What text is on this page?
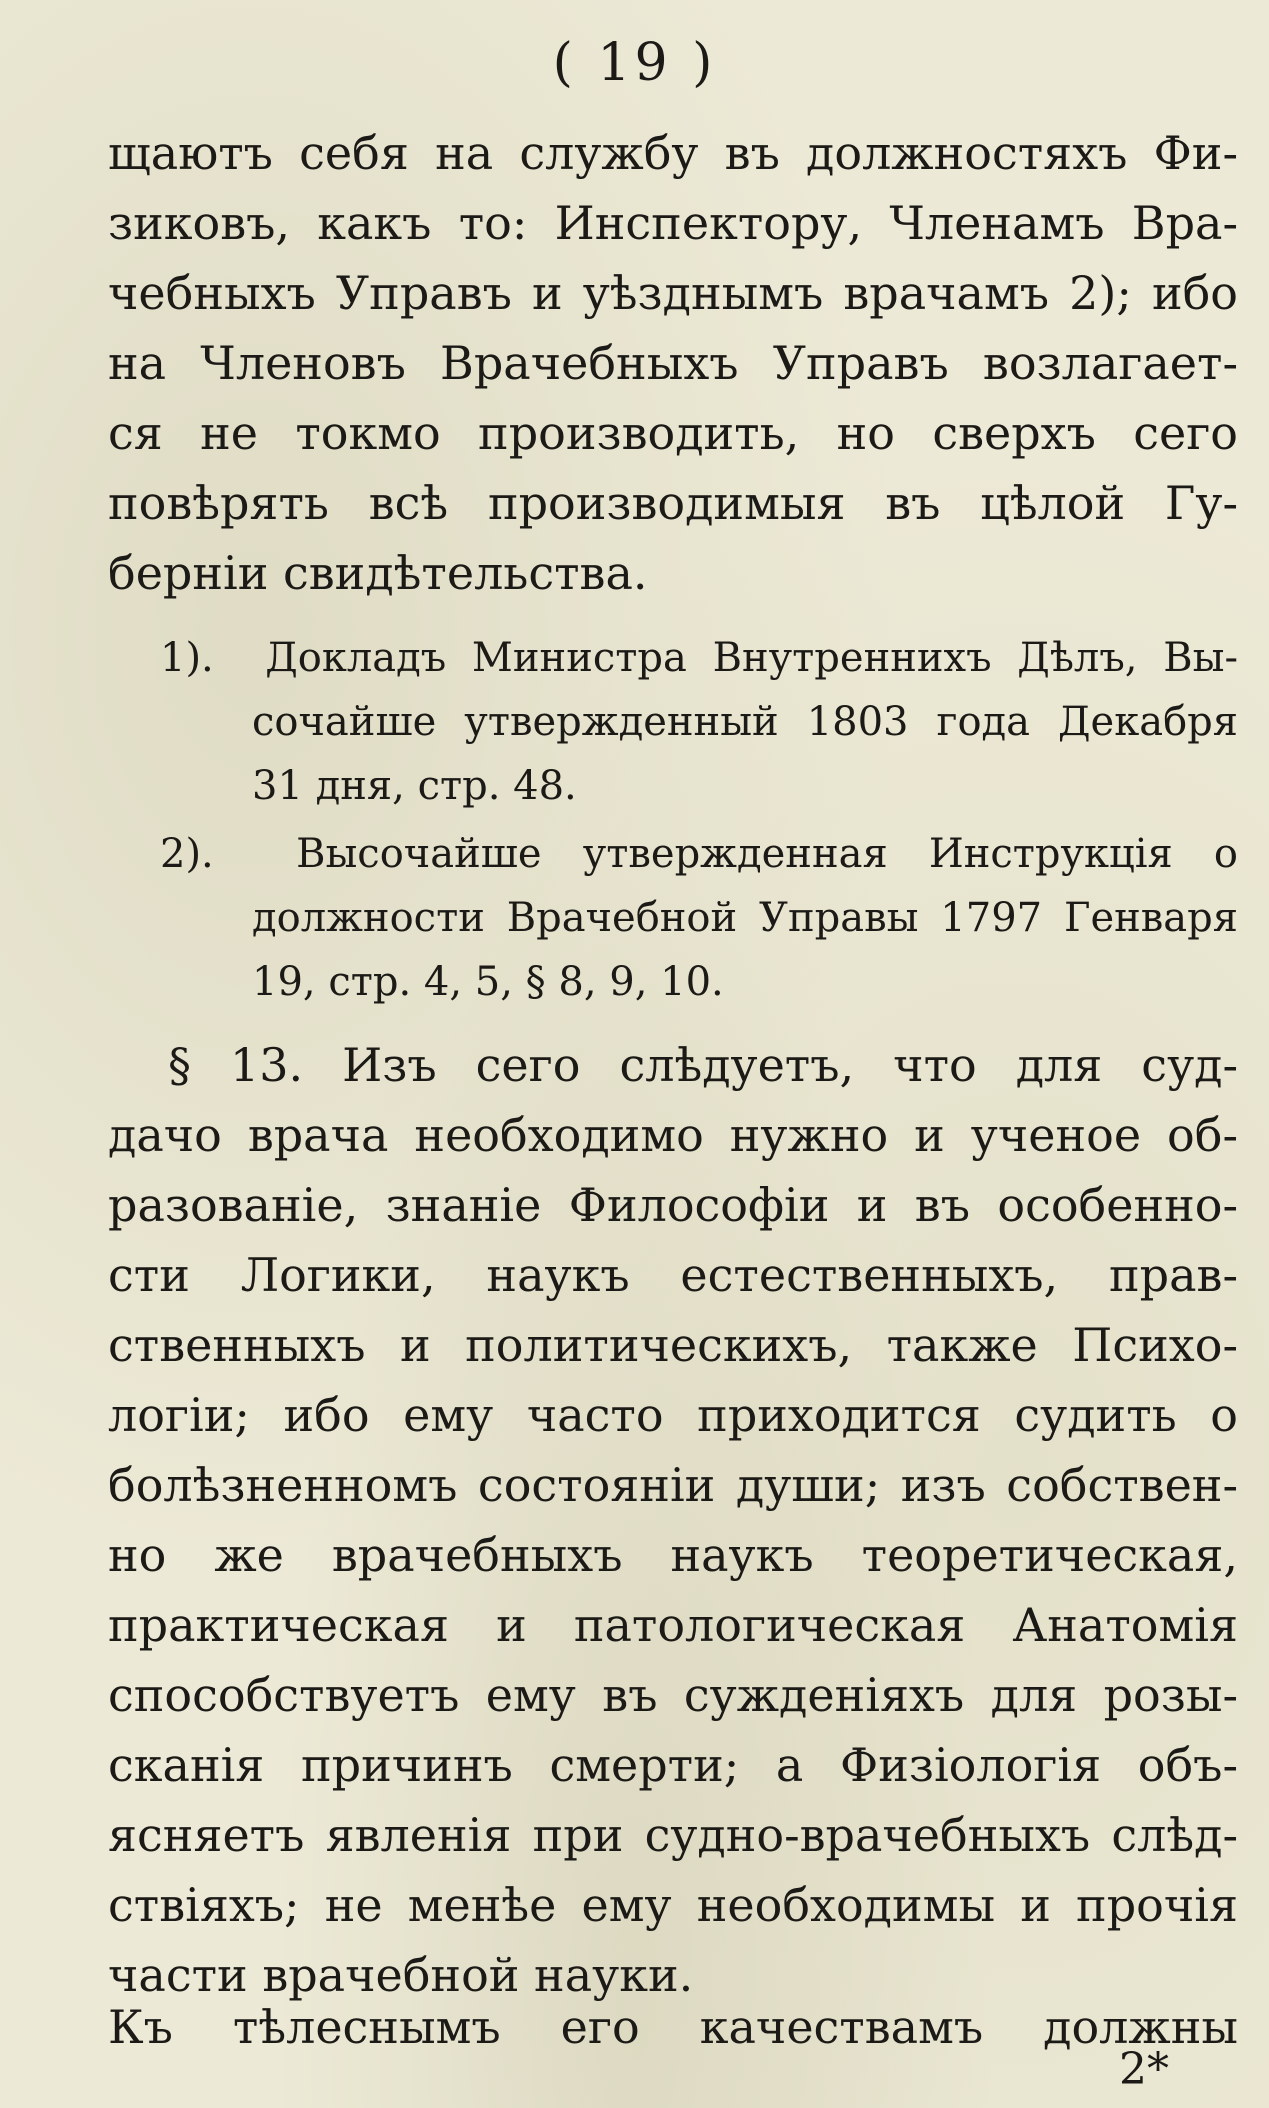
( 19 )
щаютъ себя на службу въ должностяхъ Фи-
зиковъ, какъ то: Инспектору, Членамъ Вра-
чебныхъ Управъ и уѣзднымъ врачамъ 2); ибо
на Членовъ Врачебныхъ Управъ возлагает-
ся не токмо производить, но сверхъ сего
повѣрять всѣ производимыя въ цѣлой Гу-
берніи свидѣтельства.
1). Докладъ Министра Внутреннихъ Дѣлъ, Вы-
сочайше утвержденный 1803 года Декабря
31 дня, стр. 48.
2). Высочайше утвержденная Инструкція о
должности Врачебной Управы 1797 Генваря
19, стр. 4, 5, § 8, 9, 10.
§ 13. Изъ сего слѣдуетъ, что для суд-
дачо врача необходимо нужно и ученое об-
разованіе, знаніе Философіи и въ особенно-
сти Логики, наукъ естественныхъ, прав-
ственныхъ и политическихъ, также Психо-
логіи; ибо ему часто приходится судить о
болѣзненномъ состояніи души; изъ собствен-
но же врачебныхъ наукъ теоретическая,
практическая и патологическая Анатомія
способствуетъ ему въ сужденіяхъ для розы-
сканія причинъ смерти; а Физіологія объ-
ясняетъ явленія при судно-врачебныхъ слѣд-
ствіяхъ; не менѣе ему необходимы и прочія
части врачебной науки.
Къ тѣлеснымъ его качествамъ должны
2*
